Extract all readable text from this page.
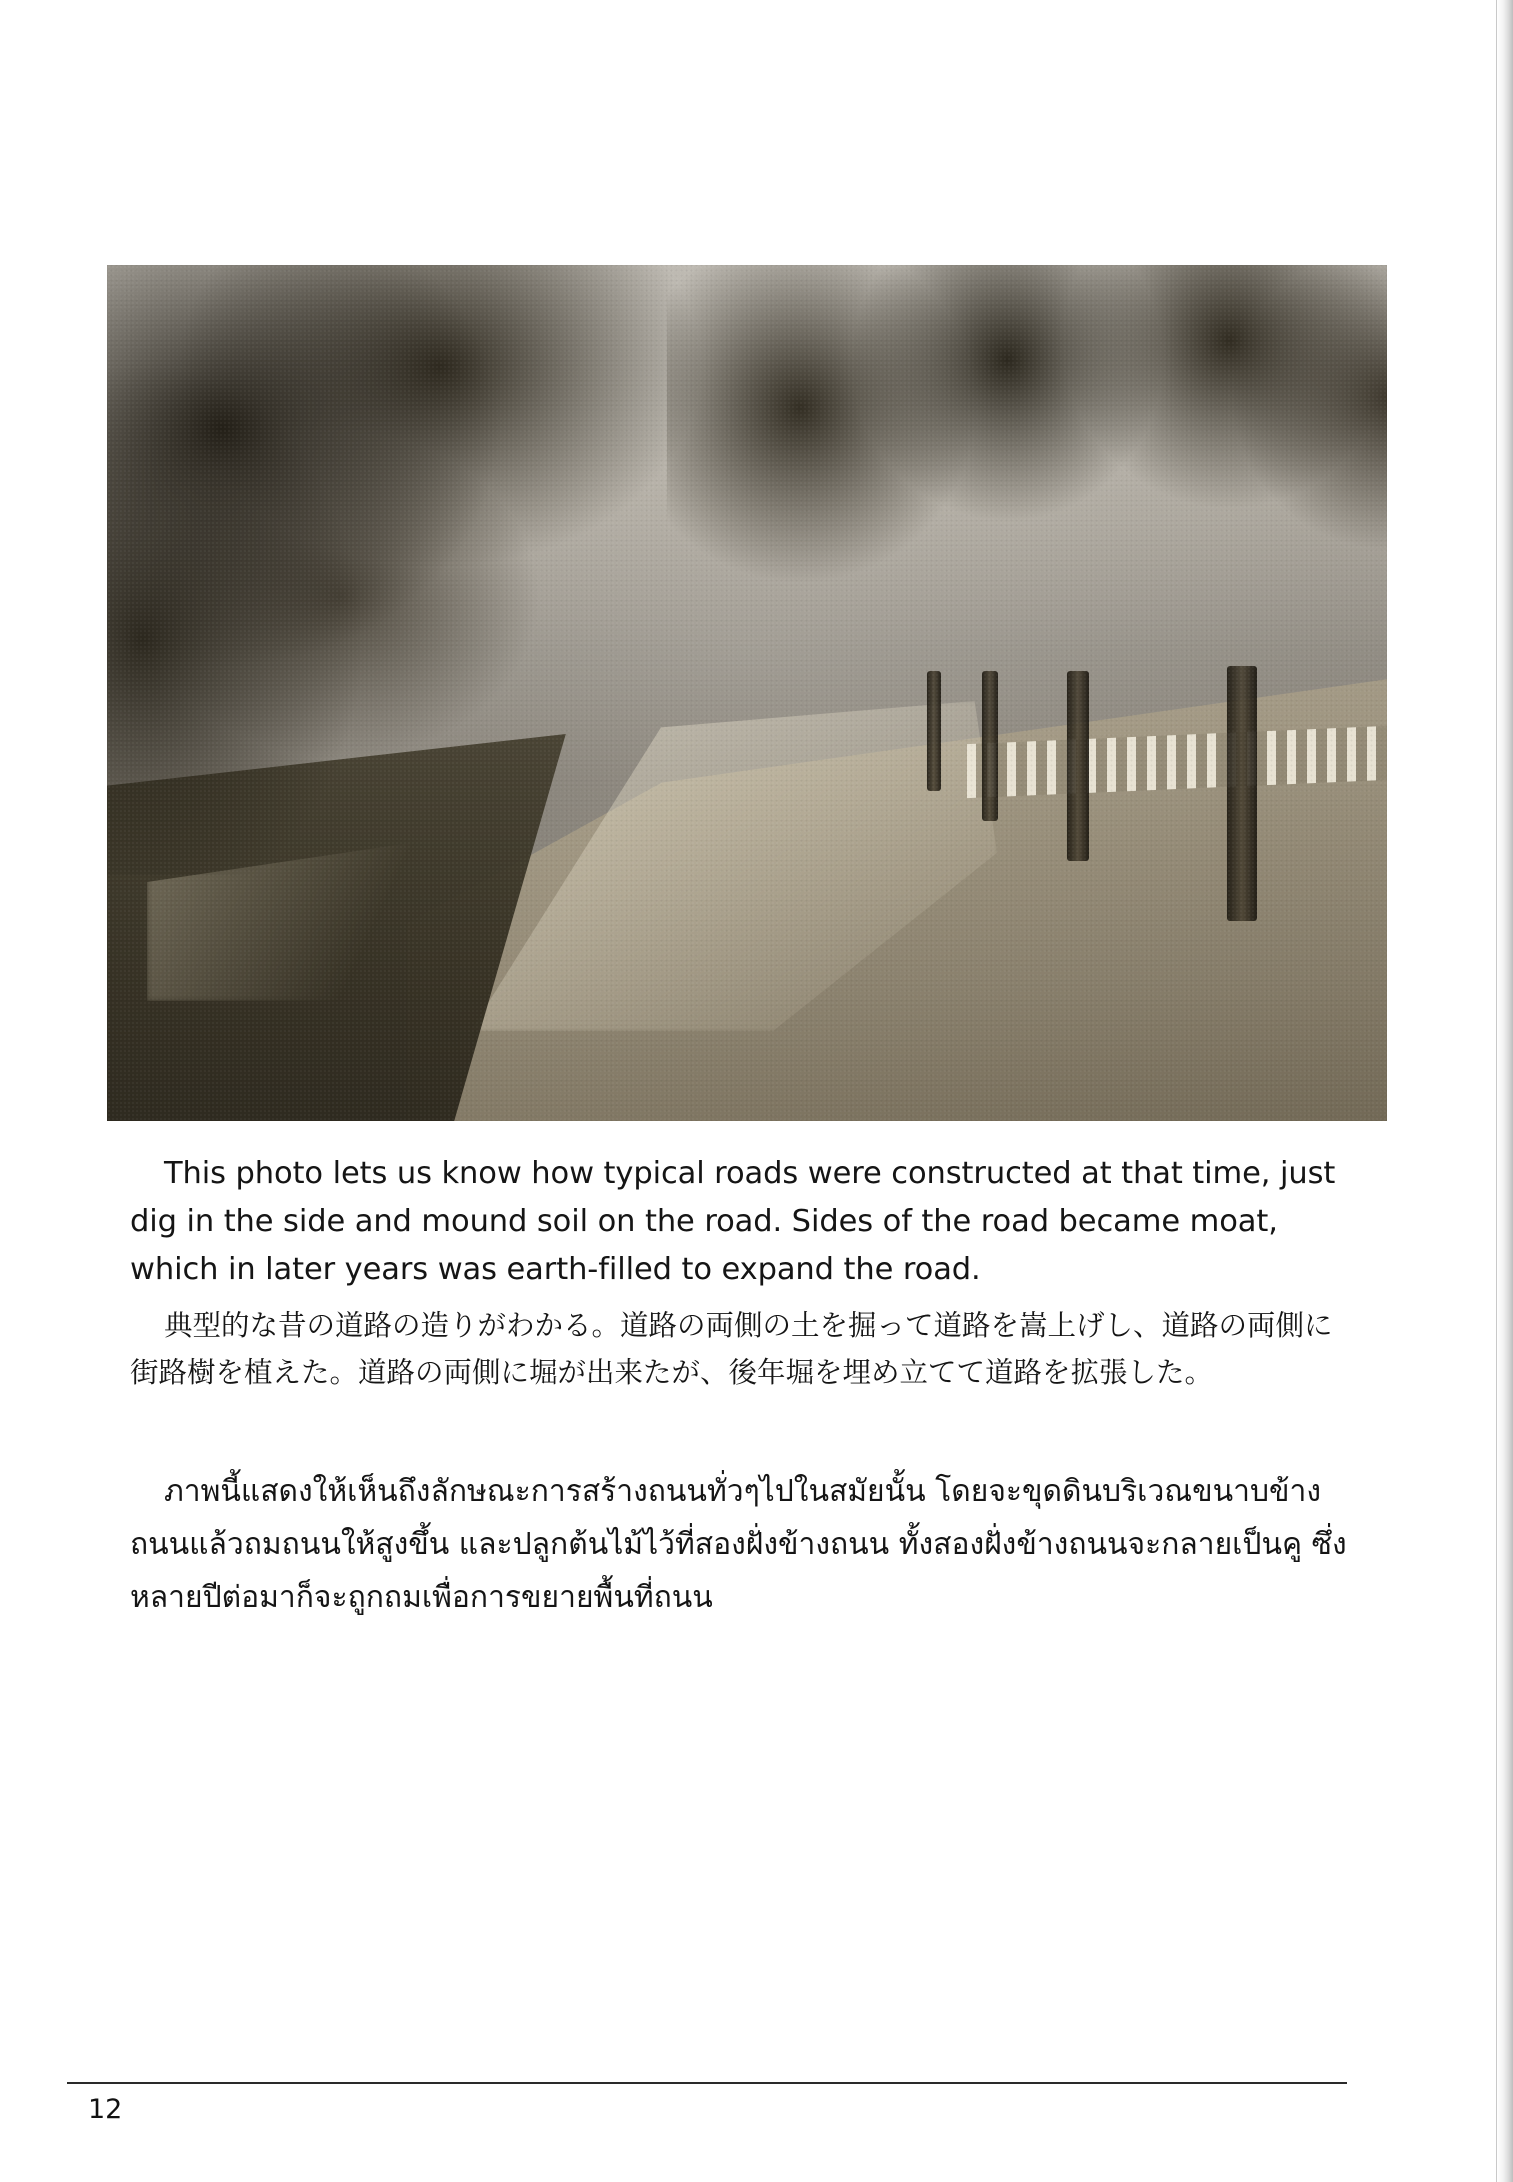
This photo lets us know how typical roads were constructed at that time, just dig in the side and mound soil on the road. Sides of the road became moat, which in later years was earth-filled to expand the road.

典型的な昔の道路の造りがわかる。道路の両側の土を掘って道路を嵩上げし、道路の両側に街路樹を植えた。道路の両側に堀が出来たが、後年堀を埋め立てて道路を拡張した。

ภาพนี้แสดงให้เห็นถึงลักษณะการสร้างถนนทั่วๆไปในสมัยนั้น โดยจะขุดดินบริเวณขนาบข้างถนนแล้วถมถนนให้สูงขึ้น และปลูกต้นไม้ไว้ที่สองฝั่งข้างถนน ทั้งสองฝั่งข้างถนนจะกลายเป็นคู ซึ่งหลายปีต่อมาก็จะถูกถมเพื่อการขยายพื้นที่ถนน

12
